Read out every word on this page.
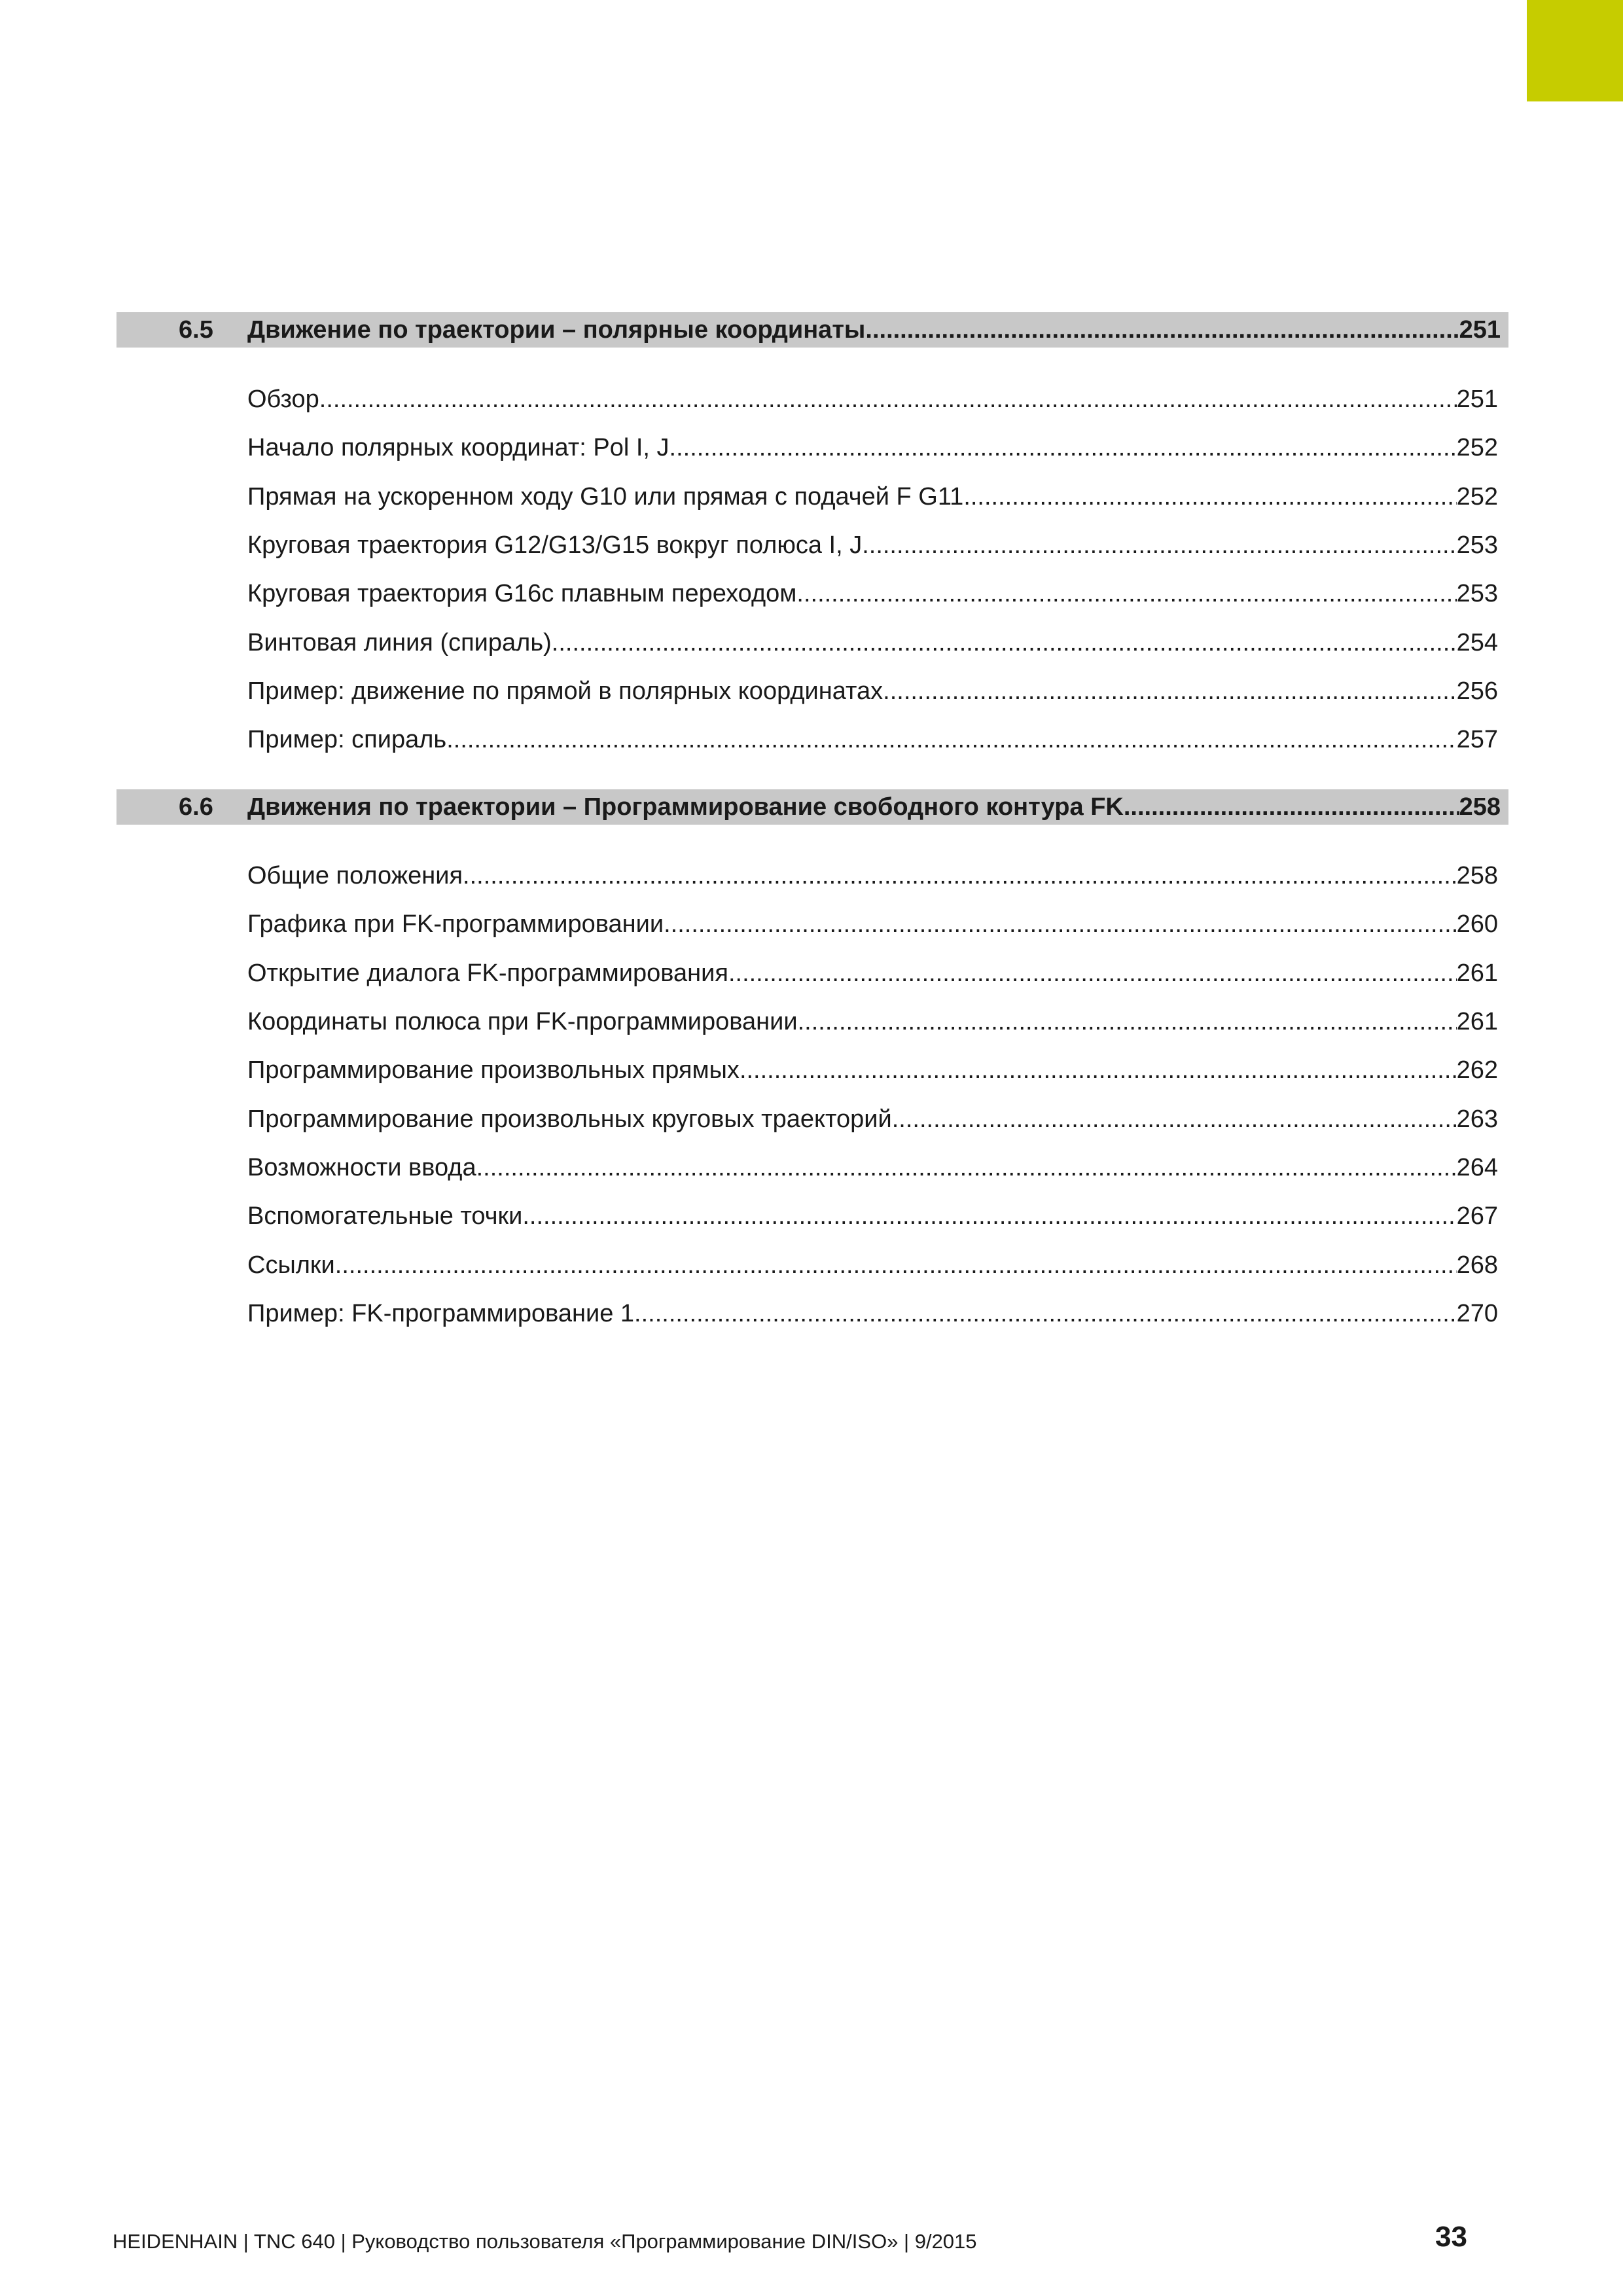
6.5 Движение по траектории – полярные координаты .....	251
Обзор .....	251
Начало полярных координат: Pol I, J .....	252
Прямая на ускоренном ходу G10 или прямая с подачей F G11 .....	252
Круговая траектория G12/G13/G15 вокруг полюса I, J .....	253
Круговая траектория G16с плавным переходом .....	253
Винтовая линия (спираль) .....	254
Пример: движение по прямой в полярных координатах .....	256
Пример: спираль .....	257
6.6 Движения по траектории – Программирование свободного контура FK .....	258
Общие положения .....	258
Графика при FK-программировании .....	260
Открытие диалога FK-программирования .....	261
Координаты полюса при FK-программировании .....	261
Программирование произвольных прямых .....	262
Программирование произвольных круговых траекторий .....	263
Возможности ввода .....	264
Вспомогательные точки .....	267
Ссылки .....	268
Пример: FK-программирование 1 .....	270
HEIDENHAIN | TNC 640 | Руководство пользователя «Программирование DIN/ISO» | 9/2015	33
